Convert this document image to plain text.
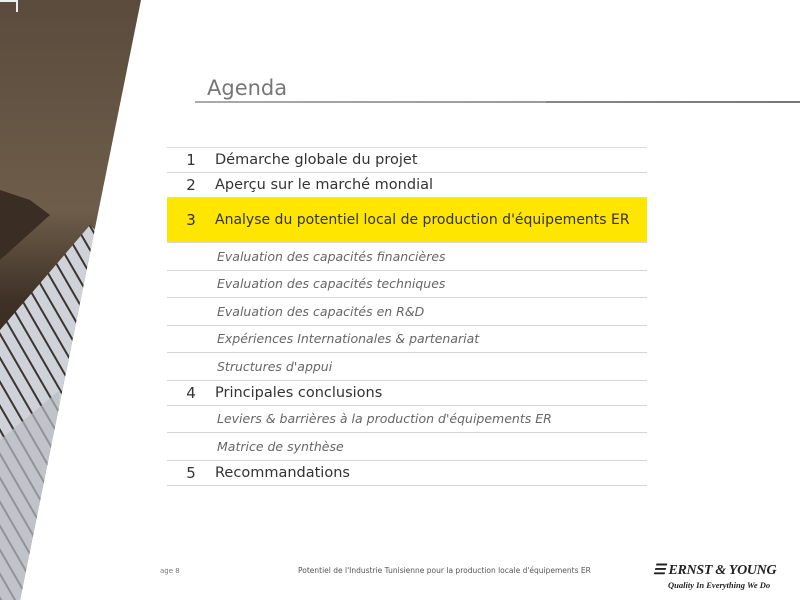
Agenda
1	Démarche globale du projet
2	Aperçu sur le marché mondial
3	Analyse du potentiel local de production d'équipements ER
Evaluation des capacités financières
Evaluation des capacités techniques
Evaluation des capacités en R&D
Expériences Internationales & partenariat
Structures d'appui
4	Principales conclusions
Leviers & barrières à la production d'équipements ER
Matrice de synthèse
5	Recommandations
age 8	Potentiel de l'Industrie Tunisienne pour la production locale d'équipements ER	☰ ERNST & YOUNG
Quality In Everything We Do
